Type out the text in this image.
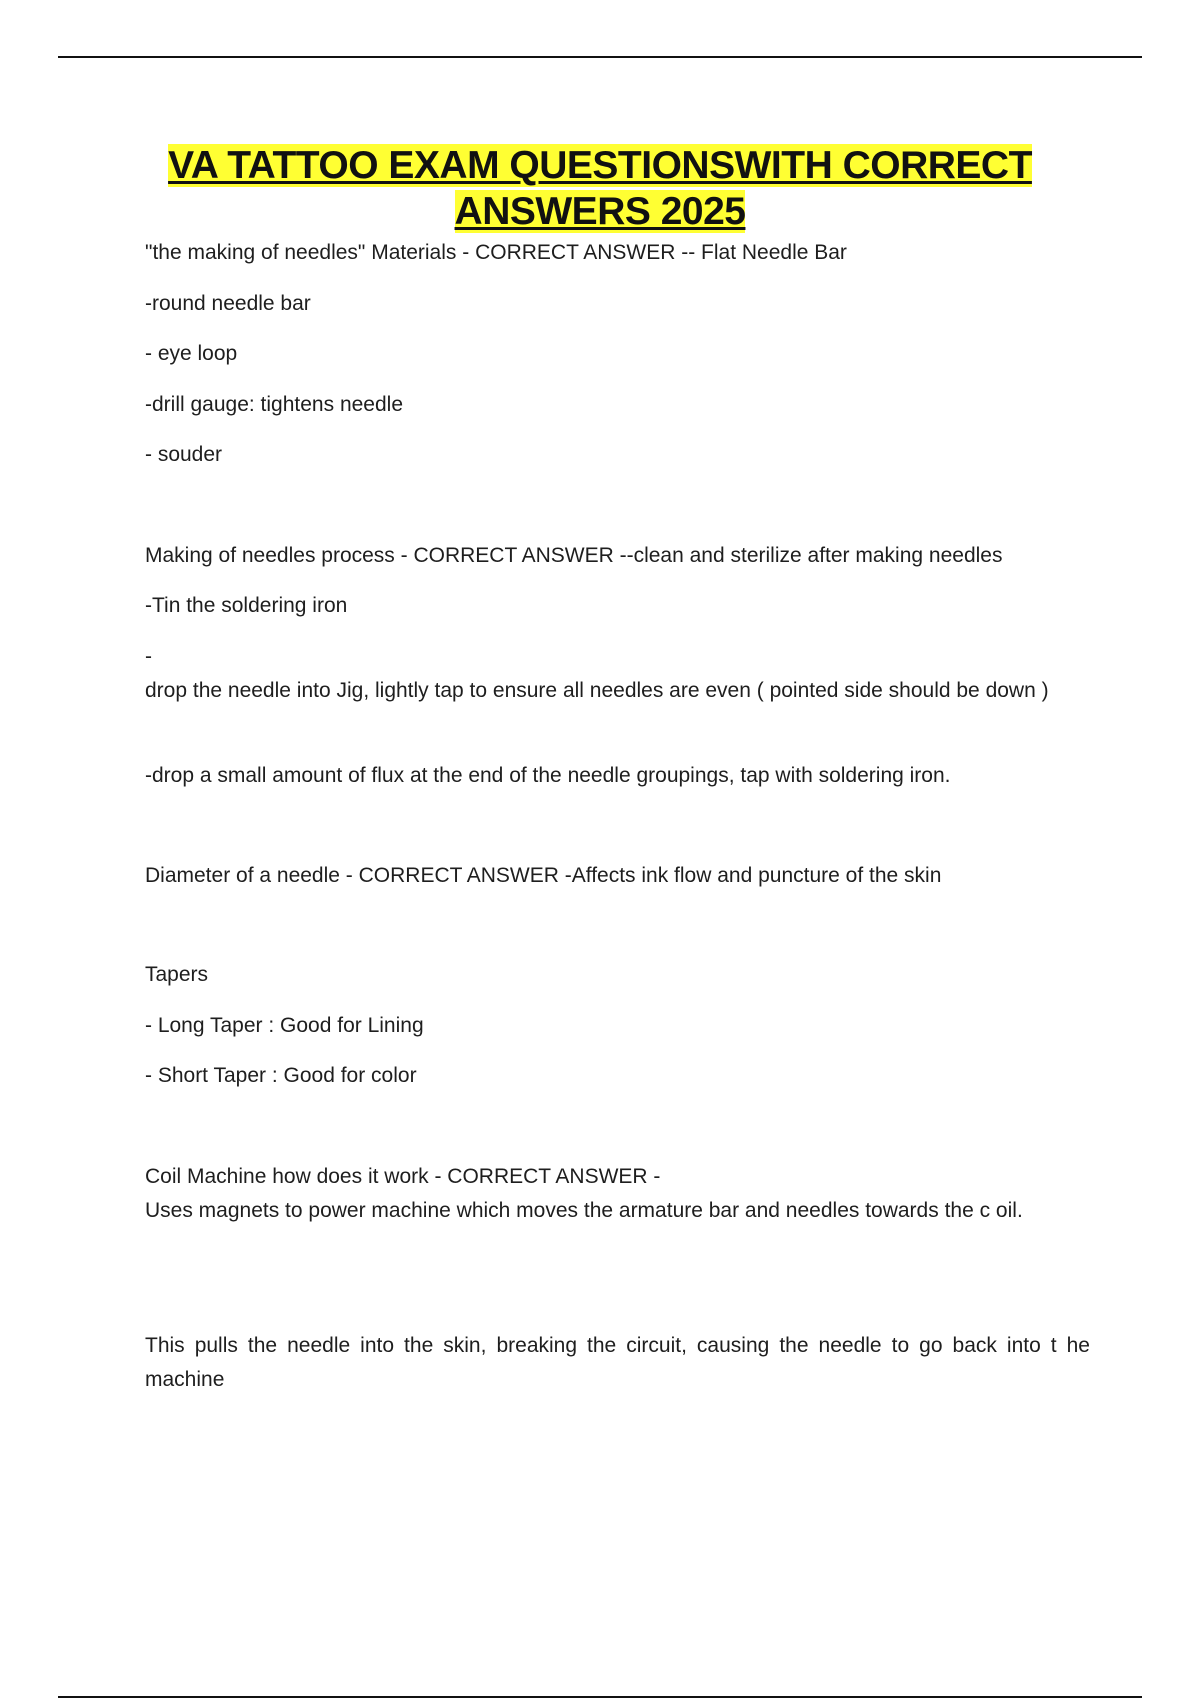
VA TATTOO EXAM QUESTIONSWITH CORRECT
ANSWERS 2025
"the making of needles" Materials - CORRECT ANSWER -- Flat Needle Bar
-round needle bar
- eye loop
-drill gauge: tightens needle
- souder
Making of needles process - CORRECT ANSWER --clean and sterilize after making needles
-Tin the soldering iron
-
drop the needle into Jig, lightly tap to ensure all needles are even ( pointed side should be down )
-drop a small amount of flux at the end of the needle groupings, tap with soldering iron.
Diameter of a needle - CORRECT ANSWER -Affects ink flow and puncture of the skin
Tapers
- Long Taper : Good for Lining
- Short Taper : Good for color
Coil Machine how does it work - CORRECT ANSWER -
Uses magnets to power machine which moves the armature bar and needles towards the c oil.
This pulls the needle into the skin, breaking the circuit, causing the needle to go back into t he machine
